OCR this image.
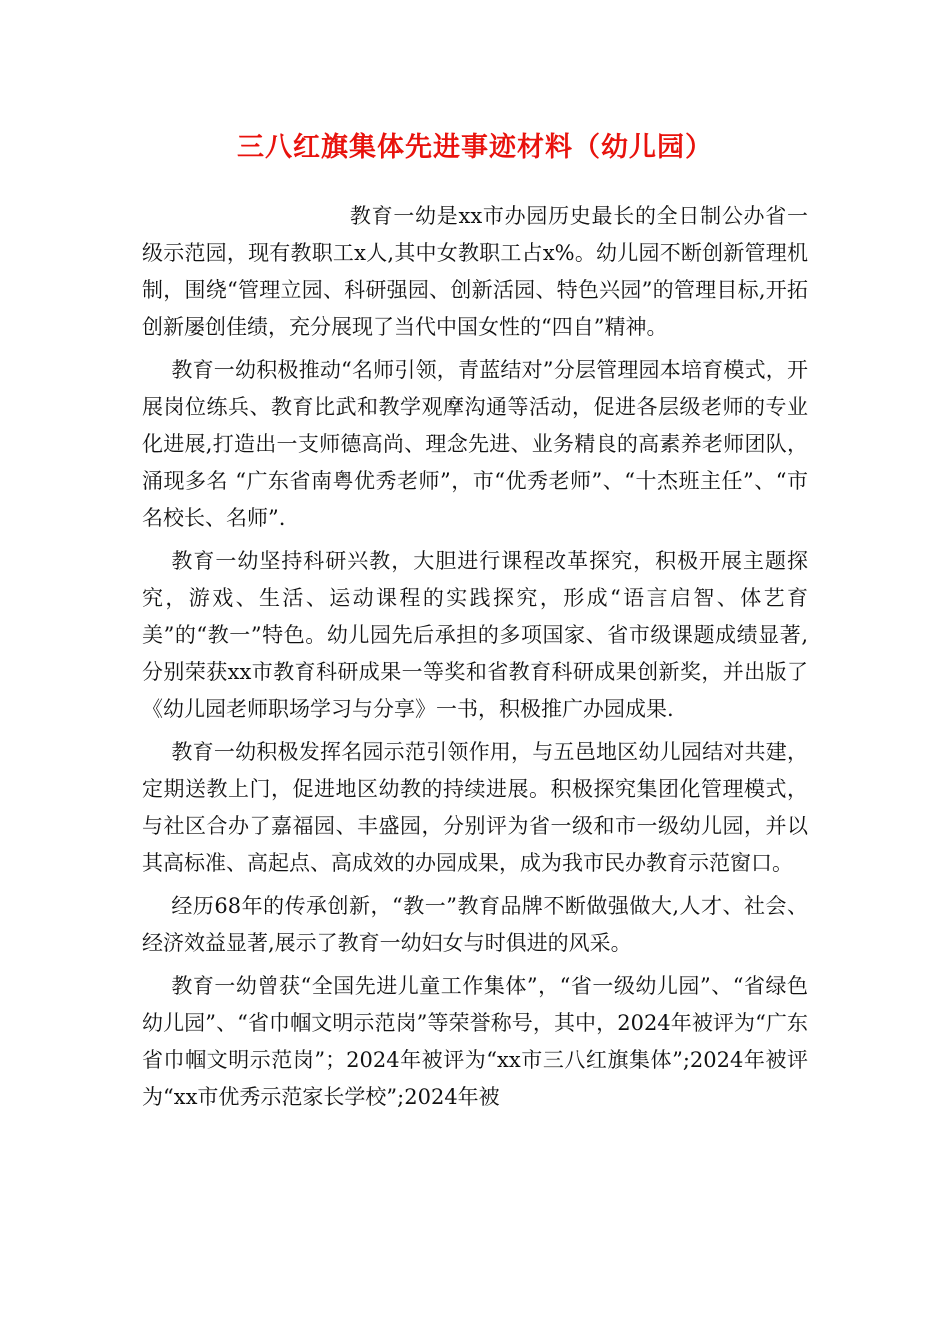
三八红旗集体先进事迹材料（幼儿园）

教育一幼是xx市办园历史最长的全日制公办省一级示范园，现有教职工x人,其中女教职工占x%。幼儿园不断创新管理机制，围绕“管理立园、科研强园、创新活园、特色兴园”的管理目标,开拓创新屡创佳绩，充分展现了当代中国女性的“四自”精神。

教育一幼积极推动“名师引领，青蓝结对”分层管理园本培育模式，开展岗位练兵、教育比武和教学观摩沟通等活动，促进各层级老师的专业化进展,打造出一支师德高尚、理念先进、业务精良的高素养老师团队，涌现多名 “广东省南粤优秀老师”，市“优秀老师”、“十杰班主任”、“市名校长、名师”.

教育一幼坚持科研兴教，大胆进行课程改革探究，积极开展主题探究，游戏、生活、运动课程的实践探究，形成“语言启智、体艺育美”的“教一”特色。幼儿园先后承担的多项国家、省市级课题成绩显著,分别荣获xx市教育科研成果一等奖和省教育科研成果创新奖，并出版了《幼儿园老师职场学习与分享》一书，积极推广办园成果.

教育一幼积极发挥名园示范引领作用，与五邑地区幼儿园结对共建，定期送教上门，促进地区幼教的持续进展。积极探究集团化管理模式，与社区合办了嘉福园、丰盛园，分别评为省一级和市一级幼儿园，并以其高标准、高起点、高成效的办园成果，成为我市民办教育示范窗口。

经历68年的传承创新，“教一”教育品牌不断做强做大,人才、社会、经济效益显著,展示了教育一幼妇女与时俱进的风采。

教育一幼曾获“全国先进儿童工作集体”，“省一级幼儿园”、“省绿色幼儿园”、“省巾帼文明示范岗”等荣誉称号，其中，2024年被评为“广东省巾帼文明示范岗”；2024年被评为“xx市三八红旗集体”;2024年被评为“xx市优秀示范家长学校”;2024年被
